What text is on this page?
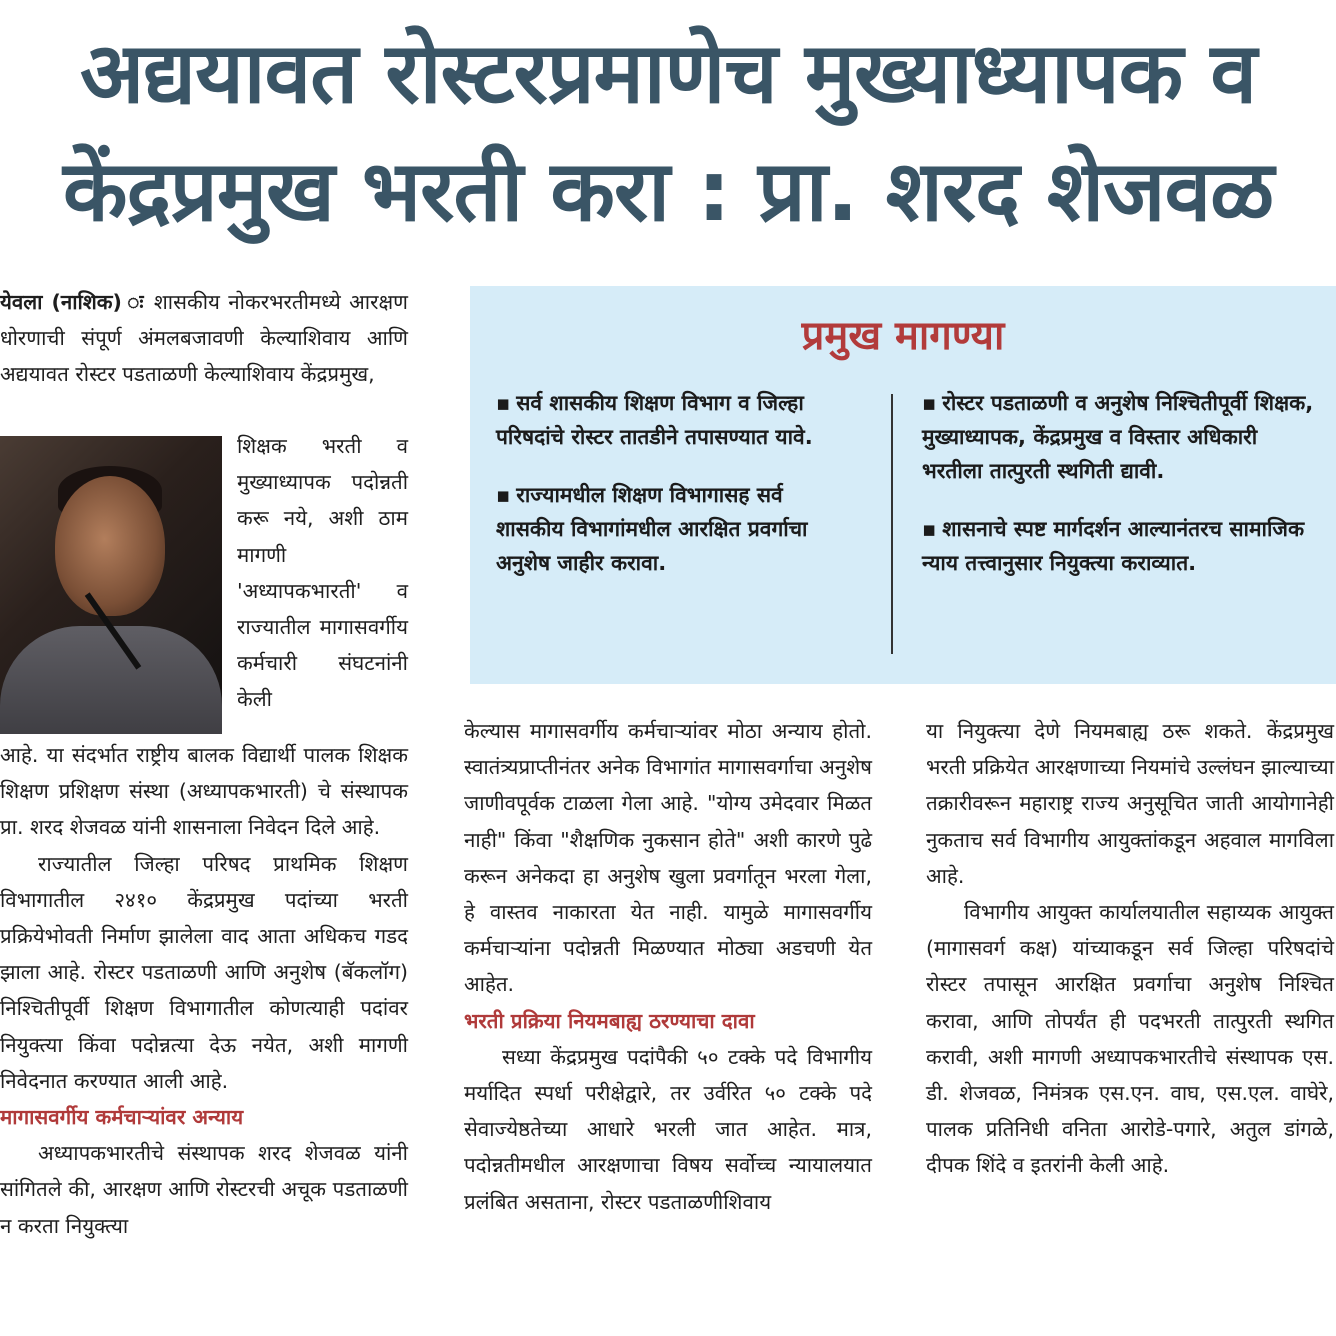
अद्ययावत रोस्टरप्रमाणेच मुख्याध्यापक व
केंद्रप्रमुख भरती करा : प्रा. शरद शेजवळ

येवला (नाशिक) ः शासकीय नोकरभरतीमध्ये आरक्षण धोरणाची संपूर्ण अंमलबजावणी केल्याशिवाय आणि अद्ययावत रोस्टर पडताळणी केल्याशिवाय केंद्रप्रमुख,

शिक्षक भरती व मुख्याध्यापक पदोन्नती करू नये, अशी ठाम मागणी 'अध्यापकभारती' व राज्यातील मागासवर्गीय कर्मचारी संघटनांनी केली

आहे. या संदर्भात राष्ट्रीय बालक विद्यार्थी पालक शिक्षक शिक्षण प्रशिक्षण संस्था (अध्यापकभारती) चे संस्थापक प्रा. शरद शेजवळ यांनी शासनाला निवेदन दिले आहे.

राज्यातील जिल्हा परिषद प्राथमिक शिक्षण विभागातील २४१० केंद्रप्रमुख पदांच्या भरती प्रक्रियेभोवती निर्माण झालेला वाद आता अधिकच गडद झाला आहे. रोस्टर पडताळणी आणि अनुशेष (बॅकलॉग) निश्चितीपूर्वी शिक्षण विभागातील कोणत्याही पदांवर नियुक्त्या किंवा पदोन्नत्या देऊ नयेत, अशी मागणी निवेदनात करण्यात आली आहे.

मागासवर्गीय कर्मचाऱ्यांवर अन्याय

अध्यापकभारतीचे संस्थापक शरद शेजवळ यांनी सांगितले की, आरक्षण आणि रोस्टरची अचूक पडताळणी न करता नियुक्त्या

प्रमुख मागण्या
▪ सर्व शासकीय शिक्षण विभाग व जिल्हा परिषदांचे रोस्टर तातडीने तपासण्यात यावे.
▪ राज्यामधील शिक्षण विभागासह सर्व शासकीय विभागांमधील आरक्षित प्रवर्गाचा अनुशेष जाहीर करावा.
▪ रोस्टर पडताळणी व अनुशेष निश्चितीपूर्वी शिक्षक, मुख्याध्यापक, केंद्रप्रमुख व विस्तार अधिकारी भरतीला तात्पुरती स्थगिती द्यावी.
▪ शासनाचे स्पष्ट मार्गदर्शन आल्यानंतरच सामाजिक न्याय तत्त्वानुसार नियुक्त्या कराव्यात.

केल्यास मागासवर्गीय कर्मचाऱ्यांवर मोठा अन्याय होतो. स्वातंत्र्यप्राप्तीनंतर अनेक विभागांत मागासवर्गाचा अनुशेष जाणीवपूर्वक टाळला गेला आहे. "योग्य उमेदवार मिळत नाही" किंवा "शैक्षणिक नुकसान होते" अशी कारणे पुढे करून अनेकदा हा अनुशेष खुला प्रवर्गातून भरला गेला, हे वास्तव नाकारता येत नाही. यामुळे मागासवर्गीय कर्मचाऱ्यांना पदोन्नती मिळण्यात मोठ्या अडचणी येत आहेत.

भरती प्रक्रिया नियमबाह्य ठरण्याचा दावा

सध्या केंद्रप्रमुख पदांपैकी ५० टक्के पदे विभागीय मर्यादित स्पर्धा परीक्षेद्वारे, तर उर्वरित ५० टक्के पदे सेवाज्येष्ठतेच्या आधारे भरली जात आहेत. मात्र, पदोन्नतीमधील आरक्षणाचा विषय सर्वोच्च न्यायालयात प्रलंबित असताना, रोस्टर पडताळणीशिवाय

या नियुक्त्या देणे नियमबाह्य ठरू शकते. केंद्रप्रमुख भरती प्रक्रियेत आरक्षणाच्या नियमांचे उल्लंघन झाल्याच्या तक्रारीवरून महाराष्ट्र राज्य अनुसूचित जाती आयोगानेही नुकताच सर्व विभागीय आयुक्तांकडून अहवाल मागविला आहे.

विभागीय आयुक्त कार्यालयातील सहाय्यक आयुक्त (मागासवर्ग कक्ष) यांच्याकडून सर्व जिल्हा परिषदांचे रोस्टर तपासून आरक्षित प्रवर्गाचा अनुशेष निश्चित करावा, आणि तोपर्यंत ही पदभरती तात्पुरती स्थगित करावी, अशी मागणी अध्यापकभारतीचे संस्थापक एस. डी. शेजवळ, निमंत्रक एस.एन. वाघ, एस.एल. वाघेरे, पालक प्रतिनिधी वनिता आरोडे-पगारे, अतुल डांगळे, दीपक शिंदे व इतरांनी केली आहे.
